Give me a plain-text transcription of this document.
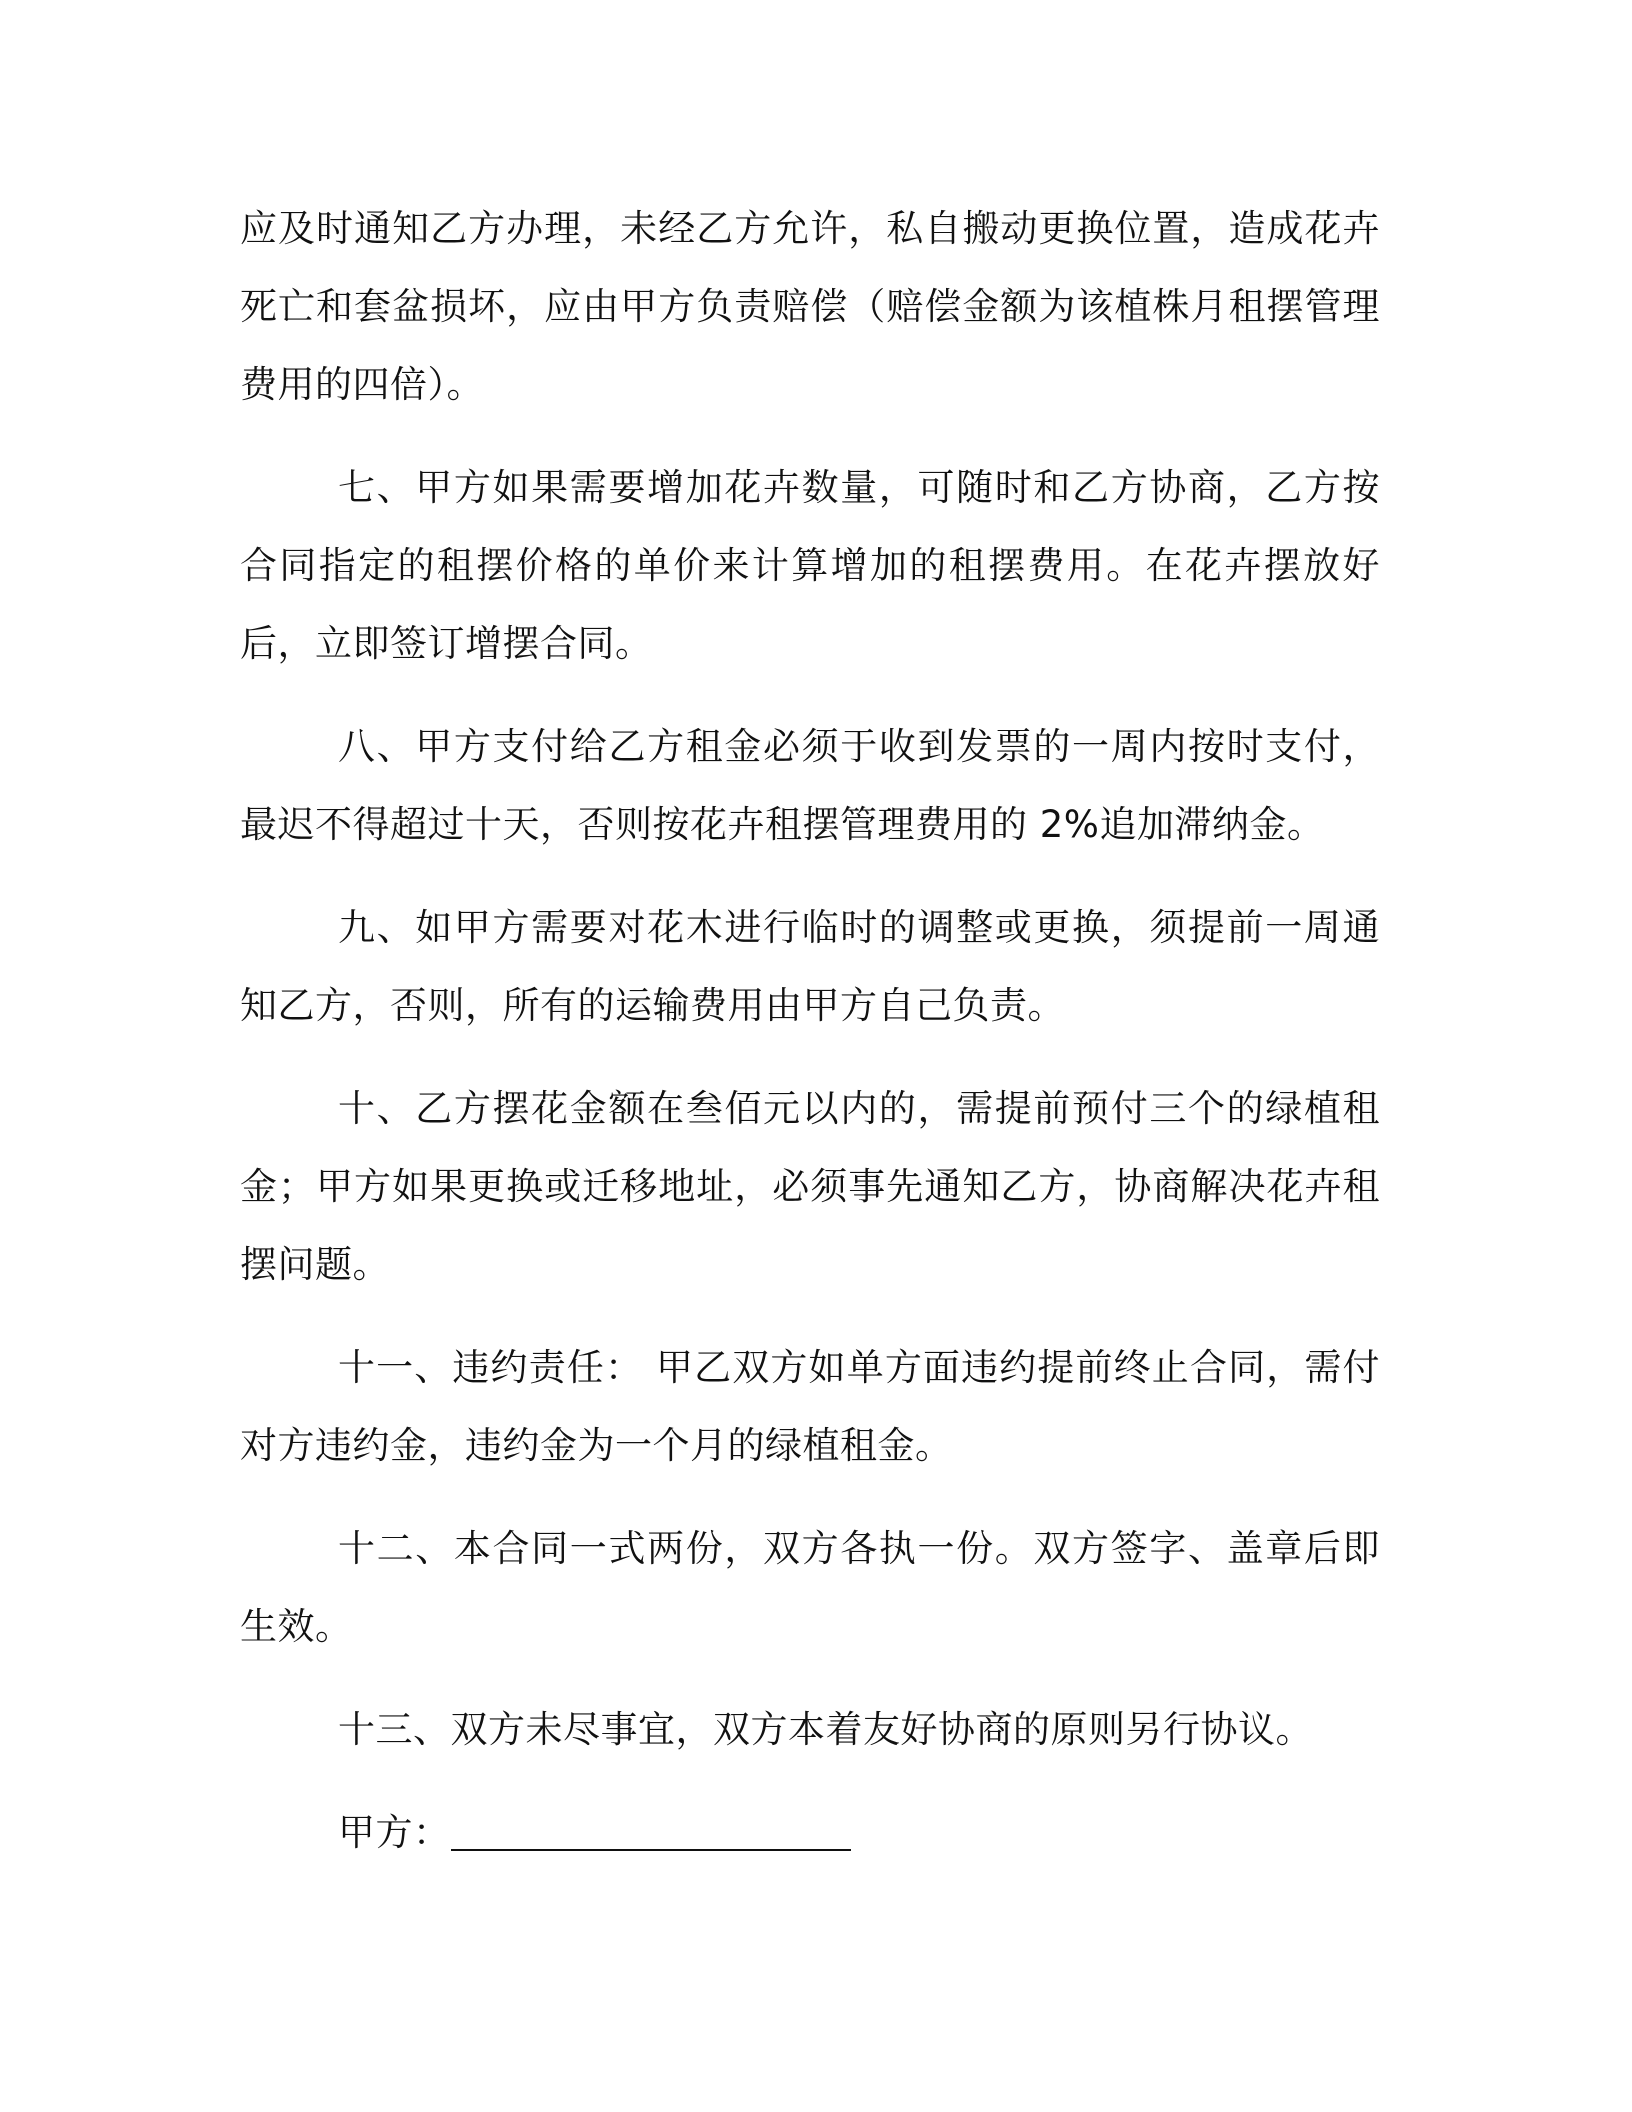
应及时通知乙方办理，未经乙方允许，私自搬动更换位置，造成花卉死亡和套盆损坏，应由甲方负责赔偿（赔偿金额为该植株月租摆管理费用的四倍）。

七、甲方如果需要增加花卉数量，可随时和乙方协商，乙方按合同指定的租摆价格的单价来计算增加的租摆费用。在花卉摆放好后，立即签订增摆合同。

八、甲方支付给乙方租金必须于收到发票的一周内按时支付，最迟不得超过十天，否则按花卉租摆管理费用的 2%追加滞纳金。

九、如甲方需要对花木进行临时的调整或更换，须提前一周通知乙方，否则，所有的运输费用由甲方自己负责。

十、乙方摆花金额在叁佰元以内的，需提前预付三个的绿植租金；甲方如果更换或迁移地址，必须事先通知乙方，协商解决花卉租摆问题。

十一、违约责任： 甲乙双方如单方面违约提前终止合同，需付对方违约金，违约金为一个月的绿植租金。

十二、本合同一式两份，双方各执一份。双方签字、盖章后即生效。

十三、双方未尽事宜，双方本着友好协商的原则另行协议。

甲方：
